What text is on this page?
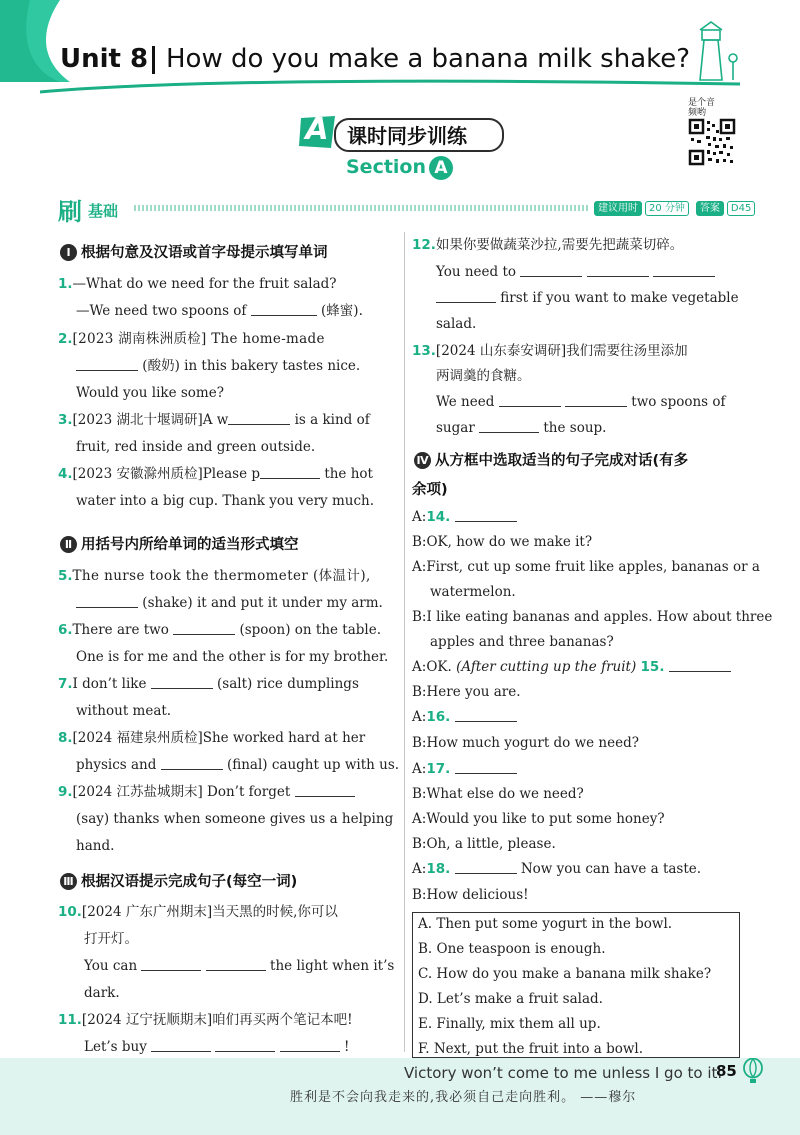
Unit 8 How do you make a banana milk shake?
A 课时同步训练
Section A
是个音频哟
刷 基础	建议用时	20 分钟	答案	D45
Ⅰ 根据句意及汉语或首字母提示填写单词
1.—What do we need for the fruit salad?
—We need two spoons of	(蜂蜜).
2.[2023 湖南株洲质检] The home-made
(酸奶) in this bakery tastes nice.
Would you like some?
3.[2023 湖北十堰调研]A w	is a kind of
fruit, red inside and green outside.
4.[2023 安徽滁州质检]Please p	the hot
water into a big cup. Thank you very much.
Ⅱ 用括号内所给单词的适当形式填空
5.The nurse took the thermometer (体温计),
(shake) it and put it under my arm.
6.There are two	(spoon) on the table.
One is for me and the other is for my brother.
7.I don’t like	(salt) rice dumplings
without meat.
8.[2024 福建泉州质检]She worked hard at her
physics and	(final) caught up with us.
9.[2024 江苏盐城期末] Don’t forget
(say) thanks when someone gives us a helping
hand.
Ⅲ 根据汉语提示完成句子(每空一词)
10.[2024 广东广州期末]当天黑的时候,你可以
打开灯。
You can	the light when it’s
dark.
11.[2024 辽宁抚顺期末]咱们再买两个笔记本吧!
Let’s buy	!
12.如果你要做蔬菜沙拉,需要先把蔬菜切碎。
You need to
first if you want to make vegetable
salad.
13.[2024 山东泰安调研]我们需要往汤里添加
两调羹的食糖。
We need	two spoons of
sugar	the soup.
Ⅳ 从方框中选取适当的句子完成对话(有多
余项)
A:14.
B:OK, how do we make it?
A:First, cut up some fruit like apples, bananas or a
watermelon.
B:I like eating bananas and apples. How about three
apples and three bananas?
A:OK. (After cutting up the fruit) 15.
B:Here you are.
A:16.
B:How much yogurt do we need?
A:17.
B:What else do we need?
A:Would you like to put some honey?
B:Oh, a little, please.
A:18.	Now you can have a taste.
B:How delicious!
A. Then put some yogurt in the bowl.
B. One teaspoon is enough.
C. How do you make a banana milk shake?
D. Let’s make a fruit salad.
E. Finally, mix them all up.
F. Next, put the fruit into a bowl.
Victory won’t come to me unless I go to it.
85
胜利是不会向我走来的,我必须自己走向胜利。 ——穆尔
